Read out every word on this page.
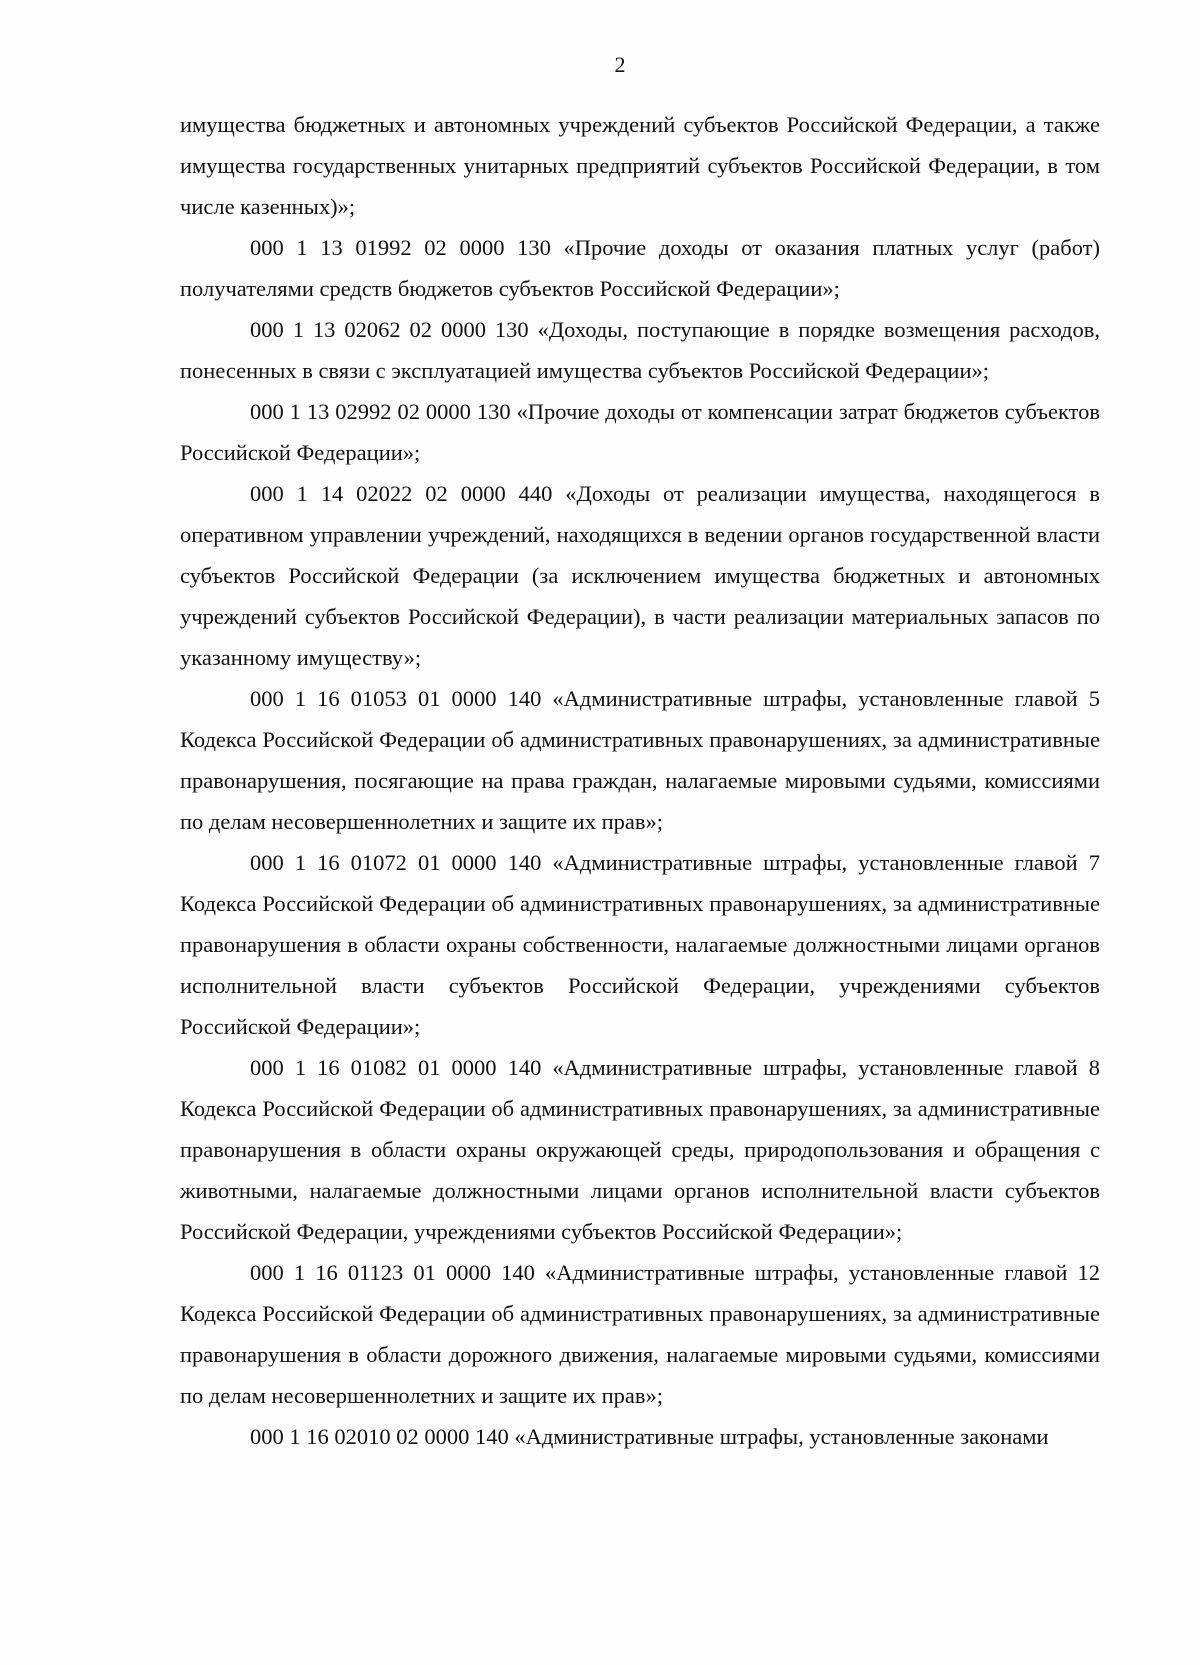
2

имущества бюджетных и автономных учреждений субъектов Российской Федерации, а также имущества государственных унитарных предприятий субъектов Российской Федерации, в том числе казенных)»;

000 1 13 01992 02 0000 130 «Прочие доходы от оказания платных услуг (работ) получателями средств бюджетов субъектов Российской Федерации»;

000 1 13 02062 02 0000 130 «Доходы, поступающие в порядке возмещения расходов, понесенных в связи с эксплуатацией имущества субъектов Российской Федерации»;

000 1 13 02992 02 0000 130 «Прочие доходы от компенсации затрат бюджетов субъектов Российской Федерации»;

000 1 14 02022 02 0000 440 «Доходы от реализации имущества, находящегося в оперативном управлении учреждений, находящихся в ведении органов государственной власти субъектов Российской Федерации (за исключением имущества бюджетных и автономных учреждений субъектов Российской Федерации), в части реализации материальных запасов по указанному имуществу»;

000 1 16 01053 01 0000 140 «Административные штрафы, установленные главой 5 Кодекса Российской Федерации об административных правонарушениях, за административные правонарушения, посягающие на права граждан, налагаемые мировыми судьями, комиссиями по делам несовершеннолетних и защите их прав»;

000 1 16 01072 01 0000 140 «Административные штрафы, установленные главой 7 Кодекса Российской Федерации об административных правонарушениях, за административные правонарушения в области охраны собственности, налагаемые должностными лицами органов исполнительной власти субъектов Российской Федерации, учреждениями субъектов Российской Федерации»;

000 1 16 01082 01 0000 140 «Административные штрафы, установленные главой 8 Кодекса Российской Федерации об административных правонарушениях, за административные правонарушения в области охраны окружающей среды, природопользования и обращения с животными, налагаемые должностными лицами органов исполнительной власти субъектов Российской Федерации, учреждениями субъектов Российской Федерации»;

000 1 16 01123 01 0000 140 «Административные штрафы, установленные главой 12 Кодекса Российской Федерации об административных правонарушениях, за административные правонарушения в области дорожного движения, налагаемые мировыми судьями, комиссиями по делам несовершеннолетних и защите их прав»;

000 1 16 02010 02 0000 140 «Административные штрафы, установленные законами
